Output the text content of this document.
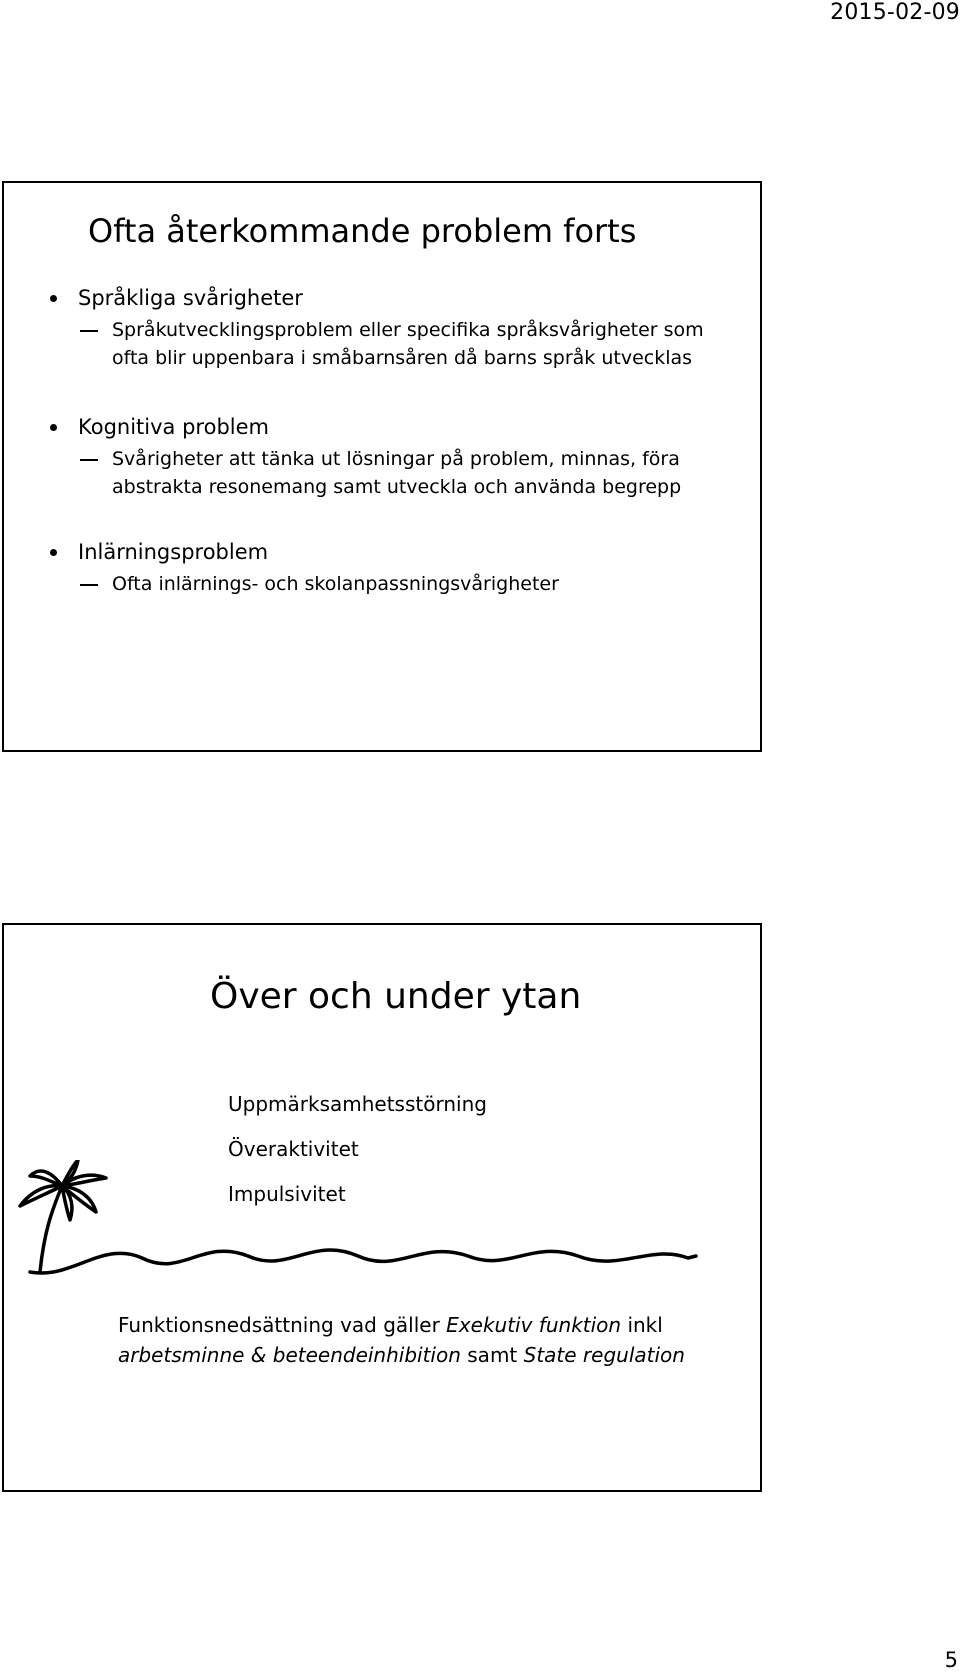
2015-02-09
Ofta återkommande problem forts
Språkliga svårigheter
Språkutvecklingsproblem eller specifika språksvårigheter som ofta blir uppenbara i småbarnsåren då barns språk utvecklas
Kognitiva problem
Svårigheter att tänka ut lösningar på problem, minnas, föra abstrakta resonemang samt utveckla och använda begrepp
Inlärningsproblem
Ofta inlärnings- och skolanpassningsvårigheter
Över och under ytan
Uppmärksamhetsstörning
Överaktivitet
Impulsivitet

Funktionsnedsättning vad gäller Exekutiv funktion inkl arbetsminne & beteendeinhibition samt State regulation

5
